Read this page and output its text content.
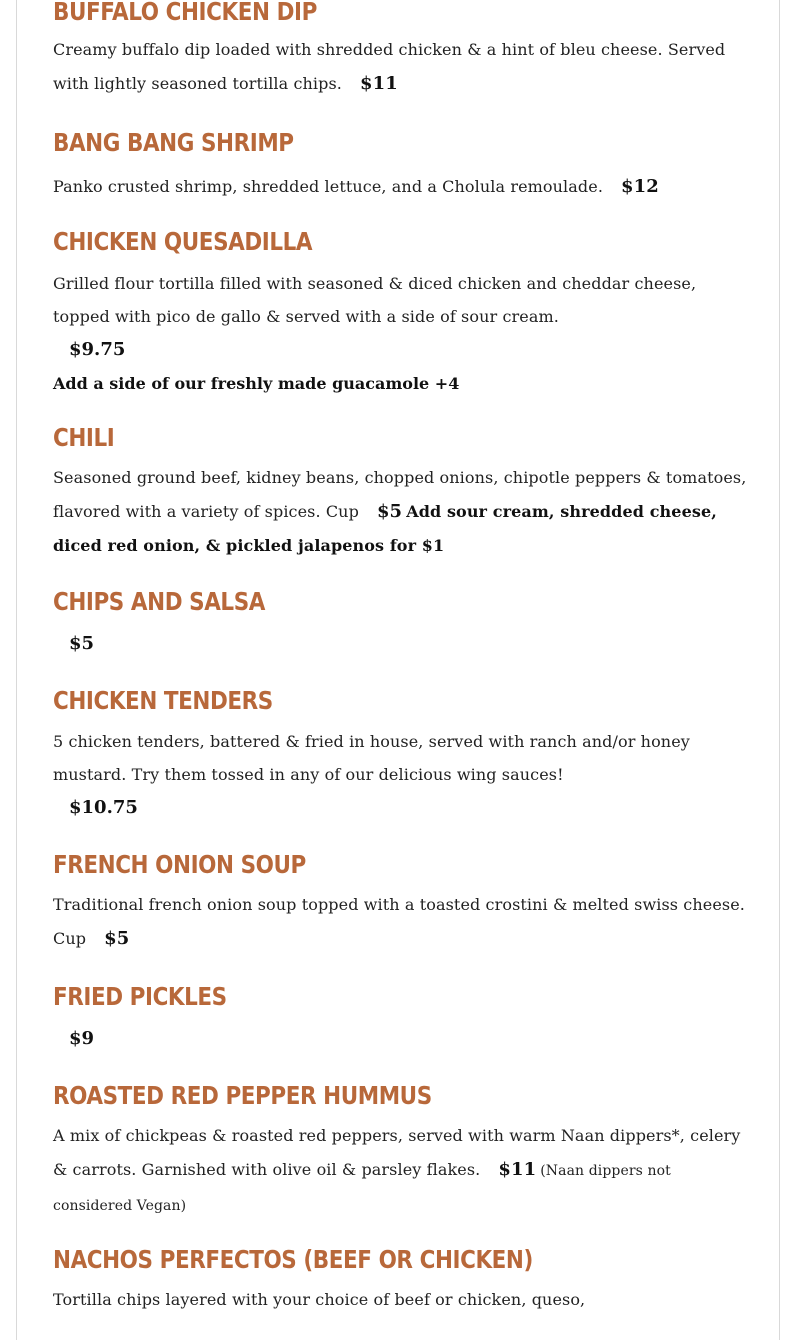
BUFFALO CHICKEN DIP

Creamy buffalo dip loaded with shredded chicken & a hint of bleu cheese. Served with lightly seasoned tortilla chips. $11

BANG BANG SHRIMP

Panko crusted shrimp, shredded lettuce, and a Cholula remoulade. $12

CHICKEN QUESADILLA

Grilled flour tortilla filled with seasoned & diced chicken and cheddar cheese, topped with pico de gallo & served with a side of sour cream.

$9.75

Add a side of our freshly made guacamole +4

CHILI

Seasoned ground beef, kidney beans, chopped onions, chipotle peppers & tomatoes, flavored with a variety of spices. Cup $5 Add sour cream, shredded cheese, diced red onion, & pickled jalapenos for $1

CHIPS AND SALSA

$5

CHICKEN TENDERS

5 chicken tenders, battered & fried in house, served with ranch and/or honey mustard. Try them tossed in any of our delicious wing sauces!

$10.75

FRENCH ONION SOUP

Traditional french onion soup topped with a toasted crostini & melted swiss cheese. Cup $5

FRIED PICKLES

$9

ROASTED RED PEPPER HUMMUS

A mix of chickpeas & roasted red peppers, served with warm Naan dippers*, celery & carrots. Garnished with olive oil & parsley flakes. $11 (Naan dippers not considered Vegan)

NACHOS PERFECTOS (BEEF OR CHICKEN)

Tortilla chips layered with your choice of beef or chicken, queso,
